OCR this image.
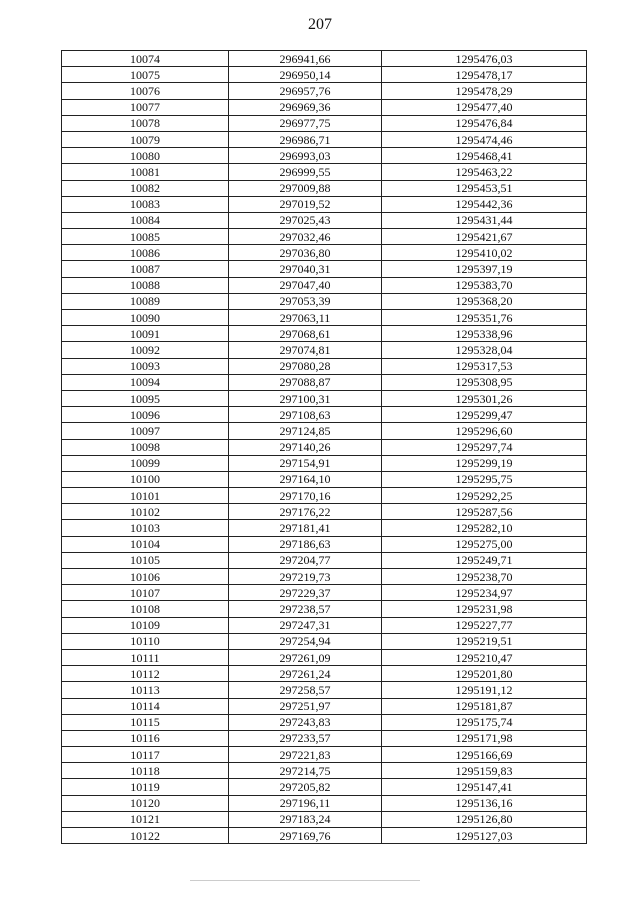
207
10074	296941,66	1295476,03
10075	296950,14	1295478,17
10076	296957,76	1295478,29
10077	296969,36	1295477,40
10078	296977,75	1295476,84
10079	296986,71	1295474,46
10080	296993,03	1295468,41
10081	296999,55	1295463,22
10082	297009,88	1295453,51
10083	297019,52	1295442,36
10084	297025,43	1295431,44
10085	297032,46	1295421,67
10086	297036,80	1295410,02
10087	297040,31	1295397,19
10088	297047,40	1295383,70
10089	297053,39	1295368,20
10090	297063,11	1295351,76
10091	297068,61	1295338,96
10092	297074,81	1295328,04
10093	297080,28	1295317,53
10094	297088,87	1295308,95
10095	297100,31	1295301,26
10096	297108,63	1295299,47
10097	297124,85	1295296,60
10098	297140,26	1295297,74
10099	297154,91	1295299,19
10100	297164,10	1295295,75
10101	297170,16	1295292,25
10102	297176,22	1295287,56
10103	297181,41	1295282,10
10104	297186,63	1295275,00
10105	297204,77	1295249,71
10106	297219,73	1295238,70
10107	297229,37	1295234,97
10108	297238,57	1295231,98
10109	297247,31	1295227,77
10110	297254,94	1295219,51
10111	297261,09	1295210,47
10112	297261,24	1295201,80
10113	297258,57	1295191,12
10114	297251,97	1295181,87
10115	297243,83	1295175,74
10116	297233,57	1295171,98
10117	297221,83	1295166,69
10118	297214,75	1295159,83
10119	297205,82	1295147,41
10120	297196,11	1295136,16
10121	297183,24	1295126,80
10122	297169,76	1295127,03
